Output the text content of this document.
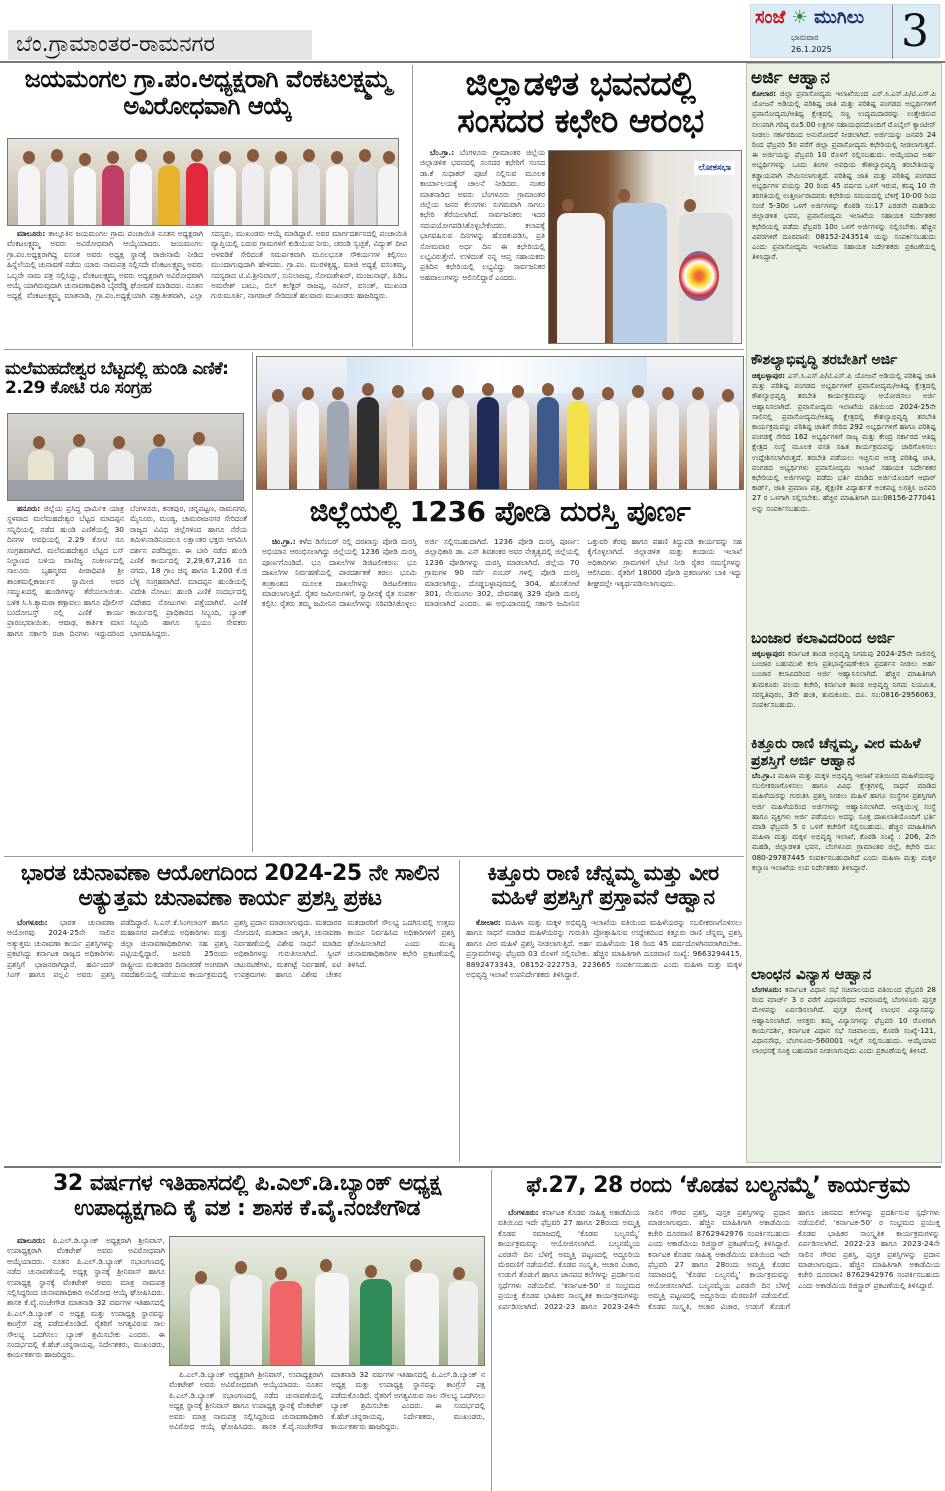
ಬೆಂ.ಗ್ರಾಮಾಂತರ-ರಾಮನಗರ
ಸಂಜೆ ☀ ಮುಗಿಲು
ಭಾನುವಾರ
26.1.2025 3
ಜಯಮಂಗಲ ಗ್ರಾ.ಪಂ.ಅಧ್ಯಕ್ಷರಾಗಿ ವೆಂಕಟಲಕ್ಷ್ಮಮ್ಮ ಅವಿರೋಧವಾಗಿ ಆಯ್ಕೆ

ಮಾಲೂರು: ತಾಲ್ಲೂಕಿನ ಜಯಮಂಗಲ ಗ್ರಾಮ ಪಂಚಾಯಿತಿ ನೂತನ ಅಧ್ಯಕ್ಷರಾಗಿ ವೆಂಕಟಲಕ್ಷ್ಮಮ್ಮ ಅವರು ಅವಿರೋಧವಾಗಿ ಆಯ್ಕೆಯಾದರು. ಜಯಮಂಗಲ ಗ್ರಾ.ಪಂ.ಅಧ್ಯಕ್ಷರಾಗಿದ್ದ ವಸಂತ ಅವರು ಅಧ್ಯಕ್ಷ ಸ್ಥಾನಕ್ಕೆ ರಾಜೀನಾಮೆ ನೀಡಿದ ಹಿನ್ನೆಲೆಯಲ್ಲಿ ಚುನಾವಣೆ ನಡೆದು ಯಾರು ನಾಮಪತ್ರ ಸಲ್ಲಿಸದೇ ವೆಂಕಟಲಕ್ಷ್ಮಮ್ಮ ಅವರು ಒಬ್ಬರೇ ನಾಮ ಪತ್ರ ಸಲ್ಲಿಸಿದ್ದು, ವೆಂಕಟಲಕ್ಷ್ಮಮ್ಮ ಅವರು ಅಧ್ಯಕ್ಷರಾಗಿ ಅವಿರೋಧವಾಗಿ ಆಯ್ಕೆ ಯಾಗಿರುವುದಾಗಿ ಚುನಾವಣಾಧಿಕಾರಿ ಬೈರರೆಡ್ಡಿ ಘೋಷಣೆ ಮಾಡಿದರು. ನೂತನ ಅಧ್ಯಕ್ಷೆ ವೆಂಕಟಲಕ್ಷ್ಮಮ್ಮ ಮಾತನಾಡಿ, ಗ್ರಾ.ಪಂ.ಅಧ್ಯಕ್ಷೆಯಾಗಿ ಪಕ್ಷಾತೀತವಾಗಿ, ಎಲ್ಲಾ ಸದಸ್ಯರು, ಮುಖಂಡರು ಆಯ್ಕೆ ಮಾಡಿದ್ದಾರೆ. ಅವರ ಮಾರ್ಗದರ್ಶನದಲ್ಲಿ ಪಂಚಾಯಿತಿ ವ್ಯಾಪ್ತಿಯಲ್ಲಿ ಬರುವ ಗ್ರಾಮಗಳಿಗೆ ಕುಡಿಯುವ ನೀರು, ಚರಂಡಿ ಸ್ವಚ್ಛತೆ, ವಿದ್ಯುತ್ ದೀಪ ಅಳವಡಿಕೆ ಸೇರಿದಂತೆ ಸಮರ್ಪಕವಾಗಿ ಮೂಲಭೂತ ಸೌಕರ್ಯಗಳ ಕಲ್ಪಿಸಲು ಮುಂದಾಗುವುದಾಗಿ ಹೇಳಿದರು. ಗ್ರಾ.ಪಂ. ಮುರಳಿಕೃಷ್ಣ, ಮಾಜಿ ಅಧ್ಯಕ್ಷೆ ವಸಂತಮ್ಮ, ಸದಸ್ಯರಾದ ಟಿ.ವಿ.ಶ್ರೀನಿವಾಸ್, ಸುನಿಲಾಜಪ್ಪ, ಸೋಮಶೇಖರ್, ಮಂಜುನಾಥ್, ಪಿಡಿಒ ಅಮರೇಶ್ ಬಾಬು, ಬಿಲ್ ಕಲೆಕ್ಟರ್ ರಾಜಪ್ಪ, ನವೀನ್, ವಸಂತ್, ಮುಖಂಡ ಗುರುಮೂರ್ತಿ, ನಾಗರಾಜ್ ಸೇರಿದಂತೆ ಹಲವಾರು ಮುಖಂಡರು ಹಾಜರಿದ್ದರು.

ಜಿಲ್ಲಾಡಳಿತ ಭವನದಲ್ಲಿ ಸಂಸದರ ಕಛೇರಿ ಆರಂಭ

ಬೆಂ.ಗ್ರಾ.: ಬೆಂಗಳೂರು ಗ್ರಾಮಾಂತರ ಜಿಲ್ಲೆಯ ಜಿಲ್ಲಾಡಳಿತ ಭವನದಲ್ಲಿ ಸಂಸದರ ಕಛೇರಿಗೆ ಸಂಸದ ಡಾ.ಕೆ ಸುಧಾಕರ್ ಪೂಜೆ ಸಲ್ಲಿಸುವ ಮೂಲಕ ಕಾರ್ಯಾಲಯಕ್ಕೆ ಚಾಲನೆ ನೀಡಿದರು. ನಂತರ ಮಾತನಾಡಿದ ಅವರು ಬೆಂಗಳೂರು ಗ್ರಾಮಾಂತರ ಜಿಲ್ಲೆಯ ಜನರ ಕೆಲಸಗಳು ಸುಗಮವಾಗಿ ಸಾಗಲು ಕಛೇರಿ ತೆರೆಯಲಾಗಿದೆ. ಸಾರ್ವಜನಿಕರು ಇದರ ಸದುಪಯೋಗಪಡಿಸಿಕೊಳ್ಳಬೇಕೆಂದರು. ಕಲಾಪಕ್ಕೆ ಭಾಗವಹಿಸುವ ದಿನಗಳನ್ನು ಹೊರತುಪಡಿಸಿ, ಪ್ರತಿ ಸೋಮವಾರ ಅರ್ಧ ದಿನ ಈ ಕಛೇರಿಯಲ್ಲಿ ಲಭ್ಯವಿರುತ್ತೇನೆ. ಉಳಿದಂತೆ ನನ್ನ ಆಪ್ತ ಸಹಾಯಕರು ಪ್ರತಿದಿನ ಕಛೇರಿಯಲ್ಲಿ ಲಭ್ಯವಿದ್ದು ಸಾರ್ವಜನಿಕರ ಅಹವಾಲುಗಳನ್ನು ಆಲಿಸಲಿದ್ದಾರೆ ಎಂದರು.

ಲೋಕಸಭಾ
ಅರ್ಜಿ ಆಹ್ವಾನ
ಕೋಲಾರ: ಜಿಲ್ಲಾ ಪ್ರವಾಸೋದ್ಯಮ ಇಲಾಖೆಯಿಂದ ಎಸ್.ಸಿ.ಎಸ್.ಪಿ/ಟಿ.ಎಸ್.ಪಿ ಯೋಜನೆ ಅಡಿಯಲ್ಲಿ ಪರಿಶಿಷ್ಟ ಜಾತಿ ಮತ್ತು ಪರಿಶಿಷ್ಟ ಪಂಗಡದ ಅಭ್ಯರ್ಥಿಗಳಿಗೆ ಪ್ರವಾಸೋದ್ಯಮ/ಆತಿಥ್ಯ ಕ್ಷೇತ್ರದಲ್ಲಿ ಸಣ್ಣ ಉದ್ಯಮದಾರರನ್ನು ಉತ್ತೇಜಿಸುವ ಸಲುವಾಗಿ ಗರಿಷ್ಠ ರೂ5.00 ಲಕ್ಷಗಳ ಸಹಾಯಧನದೊಂದಿಗೆ ಮೊಬೈಲ್ ಕ್ಯಾಂಟೀನ್ ನೀಡಲು ಸರ್ಕಾರದಿಂದ ಅನುಮೋದನೆ ನೀಡಲಾಗಿದೆ. ಅರ್ಜಿಯನ್ನು ಜನವರಿ 24 ರಿಂದ ಫೆಬ್ರವರಿ 5ರ ವರೆಗೆ ಜಿಲ್ಲಾ ಪ್ರವಾಸೋದ್ಯಮ ಕಛೇರಿಯಲ್ಲಿ ನೀಡಲಾಗುತ್ತದೆ. ಈ ಅರ್ಜಿಯನ್ನು ಫೆಬ್ರವರಿ 10 ರೊಳಗೆ ಸಲ್ಲಿಸಬಹುದು. ಆಯ್ಕೆಯಾದ ಅರ್ಹ ಅಭ್ಯರ್ಥಿಗಳನ್ನು ಒಂದು ತಿಂಗಳ ಅವಧಿಯ ಕೌಶಲ್ಯಾಭಿವೃದ್ಧಿ ತರಬೇತಿಯನ್ನು ಕಡ್ಡಾಯವಾಗಿ ನೇಮಿಸಲಾಗುತ್ತದೆ. ಪರಿಶಿಷ್ಟ ಜಾತಿ ಮತ್ತು ಪರಿಶಿಷ್ಟ ಪಂಗಡದ ಅಭ್ಯರ್ಥಿಗಳ ವಯಸ್ಸು 20 ರಿಂದ 45 ವರ್ಷದ ಒಳಗೆ ಇರುವ, ಕನಿಷ್ಠ 10 ನೇ ತರಗತಿಯಲ್ಲಿ ಉತ್ತೀರ್ಣರಾದವರು ಕಛೇರಿಯ ಸಮಯದಲ್ಲಿ ಬೆಳಿಗ್ಗೆ 10-00 ರಿಂದ ಸಂಜೆ 5-30ರ ಒಳಗೆ ಅರ್ಜಿಗಳನ್ನು ಕೊಠಡಿ ಸಂ:17 ಎರಡನೇ ಮಹಡಿಯ ಜಿಲ್ಲಾಡಳಿತ ಭವನ, ಪ್ರವಾಸೋದ್ಯಮ ಇಲಾಖೆಯ ಸಹಾಯಕ ನಿರ್ದೇಶಕರ ಕಛೇರಿಯಲ್ಲಿ ಪಡೆದು ಫೆಬ್ರವರಿ 10ರ ಒಳಗೆ ಅರ್ಜಿಗಳನ್ನು ಸಲ್ಲಿಸಬೇಕು. ಹೆಚ್ಚಿನ ವಿವರಗಳಿಗೆ ದೂರವಾಣಿ: 08152-243514 ಯನ್ನು ಸಂಪರ್ಕಿಸಬಹುದು ಎಂದು ಪ್ರವಾಸೋದ್ಯಮ ಇಲಾಖೆಯ ಸಹಾಯಕ ನಿರ್ದೇಶಕರು ಪ್ರಕಟಣೆಯಲ್ಲಿ ತಿಳಿಸಿದ್ದಾರೆ.
ಕೌಶಲ್ಯಾಭಿವೃದ್ಧಿ ತರಬೇತಿಗೆ ಅರ್ಜಿ
ಚಿಕ್ಕಬಳ್ಳಾಪುರ: ಎಸ್.ಸಿ.ಎಸ್.ಪಿ/ಟಿ.ಎಸ್.ಪಿ ಯೋಜನೆ ಅಡಿಯಲ್ಲಿ ಪರಿಶಿಷ್ಟ ಜಾತಿ ಮತ್ತು ಪರಿಶಿಷ್ಟ ಪಂಗಡದ ಅಭ್ಯರ್ಥಿಗಳಿಗೆ ಪ್ರವಾಸೋದ್ಯಮ/ಆತಿಥ್ಯ ಕ್ಷೇತ್ರದಲ್ಲಿ ಕೌಶಲ್ಯಾಭಿವೃದ್ಧಿ ತರಬೇತಿ ಕಾರ್ಯಕ್ರಮವನ್ನು ಆಯೋಜಿಸಲು ಅರ್ಜಿ ಆಹ್ವಾನಿಸಲಾಗಿದೆ. ಪ್ರವಾಸೋದ್ಯಮ ಇಲಾಖೆಯ ವತಿಯಿಂದ 2024-25ನೇ ಸಾಲಿನಲ್ಲಿ ಪ್ರವಾಸೋದ್ಯಮ/ಆತಿಥ್ಯ ಕ್ಷೇತ್ರದಲ್ಲಿ ಕೌಶಲ್ಯಾಭಿವೃದ್ಧಿ ತರಬೇತಿ ಕಾರ್ಯಕ್ರಮವನ್ನು ಪರಿಶಿಷ್ಟ ಜಾತಿಗೆ ಸೇರಿದ 292 ಅಭ್ಯರ್ಥಿಗಳಿಗೆ ಹಾಗೂ ಪರಿಶಿಷ್ಟ ಪಂಗಡಕ್ಕೆ ಸೇರಿದ 162 ಅಭ್ಯರ್ಥಿಗಳಿಗೆ ರಾಜ್ಯ ಮತ್ತು ಕೇಂದ್ರ ಸರ್ಕಾರದ ಆತಿಥ್ಯ ಕ್ಷೇತ್ರದ ಸಂಸ್ಥೆ ಮೂಲಕ ವಸತಿ ಸಹಿತ ಕಾರ್ಯಕ್ರಮವನ್ನು ಜಾರಿಗೊಳಿಸಲು ಉದ್ದೇಶಿಸಲಾಗಿರುತ್ತದೆ. ತರಬೇತಿ ಪಡೆಯಲು ಇಚ್ಛಿಸುವ ಆಸಕ್ತ ಪರಿಶಿಷ್ಟ ಜಾತಿ, ಪಂಗಡದ ಅಭ್ಯರ್ಥಿಗಳು ಪ್ರವಾಸೋದ್ಯಮ ಇಲಾಖೆ ಸಹಾಯಕ ನಿರ್ದೇಶಕರ ಕಛೇರಿಯಲ್ಲಿ ಅರ್ಜಿಗಳನ್ನು ಪಡೆದು ಭರ್ತಿ ಮಾಡಿದ ಅರ್ಜಿಯೊಂದಿಗೆ ಆಧಾರ್ ಕಾರ್ಡ್, ಜಾತಿ ಪ್ರಮಾಣ ಪತ್ರ, ಶೈಕ್ಷಣಿಕ ವಿದ್ಯಾರ್ಹತೆ ಅಂಕಪಟ್ಟಿ ಲಗತ್ತಿಸಿ ಜನವರಿ 27 ರ ಒಳಗಾಗಿ ಸಲ್ಲಿಸಬೇಕು. ಹೆಚ್ಚಿನ ಮಾಹಿತಿಗಾಗಿ ದೂ:08156-277041 ಅನ್ನು ಸಂಪರ್ಕಿಸಬಹುದು.
ಬಂಜಾರ ಕಲಾವಿದರಿಂದ ಅರ್ಜಿ
ಚಿಕ್ಕಬಳ್ಳಾಪುರ: ಕರ್ನಾಟಕ ತಾಂಡ ಅಭಿವೃದ್ಧಿ ನಿಗಮವು 2024-25ನೇ ಸಾಲಿನಲ್ಲಿ ಬಂಜಾರ ಬಹುಮುಖಿ ಕಲಾ ಪ್ರತಿಭಾನ್ವೇಷಣೆ-ಕಲಾ ಪ್ರದರ್ಶನ ನೀಡಲು ಅರ್ಹ ಬಂಜಾರ ಕಲಾವಿದರಿಂದ ಅರ್ಜಿ ಆಹ್ವಾನಿಸಲಾಗಿದೆ. ಹೆಚ್ಚಿನ ಮಾಹಿತಿಗಾಗಿ ತುಮಕೂರು ವಲಯ ಕಚೇರಿ, ಕರ್ನಾಟಕ ತಾಂಡ ಅಭಿವೃದ್ಧಿ ನಿಗಮ ನಿಯಮಿತ, ಸರಸ್ವತಿಪುರಂ, 3ನೇ ಹಂತ, ತುಮಕೂರು. ದೂ. ಸಂ:0816-2956063, ಸಂಪರ್ಕಿಸಬಹುದು.
ಕಿತ್ತೂರು ರಾಣಿ ಚೆನ್ನಮ್ಮ, ವೀರ ಮಹಿಳೆ ಪ್ರಶಸ್ತಿಗೆ ಅರ್ಜಿ ಆಹ್ವಾನ
ಬೆಂ.ಗ್ರಾ.: ಮಹಿಳಾ ಮತ್ತು ಮಕ್ಕಳ ಅಭಿವೃದ್ಧಿ ಇಲಾಖೆ ವತಿಯಿಂದ ಮಹಿಳೆಯರನ್ನು ಸಬಲೀಕರಣಗೊಳಿಸಲು ಹಾಗೂ ವಿವಿಧ ಕ್ಷೇತ್ರಗಳಲ್ಲಿ ಸಾಧನೆ ಮಾಡಿದ ಮಹಿಳೆಯರನ್ನು ಗುರುತಿಸಿ ಪ್ರಶಸ್ತಿ ನೀಡಲು ಮಹಿಳೆ ಹಾಗೂ ಸಂಸ್ಥೆಗಳ ಪ್ರಶಸ್ತಿಗಾಗಿ ಅರ್ಜಿ ಮಹಿಳೆಯರಿಂದ ಅರ್ಜಿಗಳನ್ನು ಆಹ್ವಾನಿಸಲಾಗಿದೆ. ಆಸಕ್ತಿಯುಳ್ಳ ಸಂಸ್ಥೆ ಹಾಗೂ ವ್ಯಕ್ತಿಗಳು ಅರ್ಜಿ ಪಡೆಯಲು ಅದನ್ನು ಸೂಕ್ತ ದಾಖಲಾತಿಯೊಂದಿಗೆ ಭರ್ತಿ ಮಾಡಿ ಫೆಬ್ರವರಿ 5 ರ ಒಳಗೆ ಕಚೇರಿಗೆ ಸಲ್ಲಿಸಬಹುದು. ಹೆಚ್ಚಿನ ಮಾಹಿತಿಗಾಗಿ ಮಹಿಳಾ ಮತ್ತು ಮಕ್ಕಳ ಅಭಿವೃದ್ಧಿ ಇಲಾಖೆ, ಕೊಠಡಿ ಸಂಖ್ಯೆ : 206, 2ನೇ ಮಹಡಿ, ಜಿಲ್ಲಾಡಳಿತ ಭವನ, ಬೆಂಗಳೂರು ಗ್ರಾಮಾಂತರ ಜಿಲ್ಲೆ, ಕಛೇರಿ ದೂ: 080-29787445 ಸಂಪರ್ಕಿಸಬಹುದಾಗಿದೆ ಎಂದು ಮಹಿಳಾ ಮತ್ತು ಮಕ್ಕಳ ಕಲ್ಯಾಣ ಇಲಾಖೆಯ ಉಪ ನಿರ್ದೇಶಕರು ತಿಳಿಸಿದ್ದಾರೆ.
ಲಾಂಛನ ವಿನ್ಯಾಸ ಆಹ್ವಾನ
ಬೆಂಗಳೂರು: ಕರ್ನಾಟಕ ವಿಧಾನ ಸಭೆ ಸಚಿವಾಲಯದ ವತಿಯಿಂದ ಫೆಬ್ರವರಿ 28 ರಿಂದ ಮಾರ್ಚ್ 3 ರ ವರೆಗೆ ವಿಧಾನಸೌಧದ ಆವರಣದಲ್ಲಿ ಬೆಂಗಳೂರು ಪುಸ್ತಕ ಮೇಳವನ್ನು ಏರ್ಪಡಿಸಲಾಗಿದೆ. ಪುಸ್ತಕ ಮೇಳಕ್ಕೆ ಲಾಂಛನ ವಿನ್ಯಾಸವನ್ನು ಆಹ್ವಾನಿಸಲಾಗಿದೆ. ಆಸಕ್ತರು ತಮ್ಮ ವಿನ್ಯಾಸಗಳನ್ನು ಫೆಬ್ರವರಿ 10 ರೊಳಗಾಗಿ ಕಾರ್ಯದರ್ಶಿ, ಕರ್ನಾಟಕ ವಿಧಾನ ಸಭೆ ಸಚಿವಾಲಯ, ಕೊಠಡಿ ಸಂಖ್ಯೆ-121, ವಿಧಾನಸೌಧ, ಬೆಂಗಳೂರು-560001 ಇಲ್ಲಿಗೆ ಸಲ್ಲಿಸಬಹುದು. ಆಯ್ಕೆಯಾದ ಲಾಂಛನಕ್ಕೆ ಸೂಕ್ತ ಬಹುಮಾನ ನೀಡಲಾಗುವುದು ಎಂದು ಪ್ರಕಟಣೆಯಲ್ಲಿ ತಿಳಿಸಿದೆ.
ಮಲೆಮಹದೇಶ್ವರ ಬೆಟ್ಟದಲ್ಲಿ ಹುಂಡಿ ಎಣಿಕೆ: 2.29 ಕೋಟಿ ರೂ ಸಂಗ್ರಹ

ಹನೂರು: ಜಿಲ್ಲೆಯ ಪ್ರಸಿದ್ಧ ಧಾರ್ಮಿಕ ಯಾತ್ರ ಸ್ಥಳವಾದ ಮಲೆಮಹದೇಶ್ವರ ಬೆಟ್ಟದ ಮಾದಪ್ಪನ ಸನ್ನಿಧಿಯಲ್ಲಿ ನಡೆದ ಹುಂಡಿ ಎಣಿಕೆಯಲ್ಲಿ 30 ದಿನಗಳ ಅವಧಿಯಲ್ಲಿ 2.29 ಕೋಟಿ ರೂ ಸಂಗ್ರಹವಾಗಿದೆ. ಮಲೆಮಹದೇಶ್ವರ ಬೆಟ್ಟದ ಬಸ್ ನಿಲ್ದಾಣದ ಬಳಿಯ ವಾಣಿಜ್ಯ ಸಂಕೀರ್ಣದಲ್ಲಿ ಸಾಲೂರು ಬೃಹನ್ಮಠದ ಪೀಠಾಧಿಪತಿ ಶ್ರೀ ಶಾಂತಮಲ್ಲಿಕಾರ್ಜುನ ಸ್ವಾಮೀಜಿ ಅವರ ಸಮ್ಮುಖದಲ್ಲಿ ಹುಂಡಿಗಳನ್ನು ತೆರೆಯಲಾಯಿತು. ಬಳಿಕ ಸಿ.ಸಿ.ಕ್ಯಾಮರಾ ಕಣ್ಗಾವಲು ಹಾಗೂ ಪೊಲೀಸ್ ಬಂದೋಬಸ್ತ್ ನಲ್ಲಿ ಎಣಿಕೆ ಕಾರ್ಯ ಪ್ರಾರಂಭವಾಯಿತು. ಆಷಾಢ, ಕಾರ್ತಿಕ ಮಾಸ ಹಾಗೂ ಸರ್ಕಾರಿ ರಜಾ ದಿನಗಳು ಇದ್ದುದರಿಂದ ಬೆಂಗಳೂರು, ಕನಕಪುರ, ಚನ್ನಪಟ್ಟಣ, ರಾಮನಗರ, ಮೈಸೂರು, ಮಂಡ್ಯ, ಚಾಮರಾಜನಗರ ಸೇರಿದಂತೆ ರಾಜ್ಯದ ವಿವಿಧ ಜಿಲ್ಲೆಗಳಿಂದ ಹಾಗೂ ನೆರೆಯ ತಮಿಳುನಾಡಿನಿಂದಲೂ ಲಕ್ಷಾಂತರ ಭಕ್ತರು ಆಗಮಿಸಿ ದರ್ಶನ ಪಡೆದಿದ್ದರು. ಈ ಬಾರಿ ನಡೆದ ಹುಂಡಿ ಎಣಿಕೆ ಕಾರ್ಯದಲ್ಲಿ 2,29,67,216 ರೂ ನಗದು, 18 ಗ್ರಾಂ ಚಿನ್ನ ಹಾಗೂ 1.200 ಕೆ.ಜಿ ಬೆಳ್ಳಿ ಸಂಗ್ರಹವಾಗಿದೆ. ಮಾದಪ್ಪನ ಹುಂಡಿಯಲ್ಲಿ ವಿದೇಶಿ ನೋಟು: ಹುಂಡಿ ಎಣಿಕೆ ಸಂದರ್ಭದಲ್ಲಿ ವಿದೇಶದ ನೋಟುಗಳು ಪತ್ತೆಯಾಗಿವೆ. ಎಣಿಕೆ ಕಾರ್ಯದಲ್ಲಿ ಪ್ರಾಧಿಕಾರದ ಸಿಬ್ಬಂದಿ, ಬ್ಯಾಂಕ್ ಸಿಬ್ಬಂದಿ ಹಾಗೂ ಸ್ವಯಂ ಸೇವಕರು ಭಾಗವಹಿಸಿದ್ದರು.

ಜಿಲ್ಲೆಯಲ್ಲಿ 1236 ಪೋಡಿ ದುರಸ್ತಿ ಪೂರ್ಣ

ಚಿಂ.ಗ್ರಾ.: ಕಳೆದ ಡಿಸೆಂಬರ್ ನಲ್ಲಿ ದರಖಾಸ್ತು ಪೋಡಿ ದುರಸ್ತಿ ಅಭಿಯಾನ ಆರಂಭಿಸಲಾಗಿದ್ದು ಜಿಲ್ಲೆಯಲ್ಲಿ 1236 ಪೋಡಿ ದುರಸ್ತಿ ಪೂರ್ಣಗೊಂಡಿದೆ. ಭೂ ದಾಖಲೆಗಳ ಡಿಜಿಟಲೀಕರಣ: ಭೂ ದಾಖಲೆಗಳ ನಿರ್ವಹಣೆಯಲ್ಲಿ ಪಾರದರ್ಶಕತೆ ತರಲು ಭೂಮಿ ತಂತ್ರಾಂಶದ ಮೂಲಕ ದಾಖಲೆಗಳನ್ನು ಡಿಜಿಟಲೀಕರಣ ಮಾಡಲಾಗುತ್ತಿದೆ. ರೈತರ ಜಮೀನುಗಳಿಗೆ, ಸ್ವಾಧೀನಕ್ಕೆ ರೈತ ಸಂಪರ್ಕ ಕಲ್ಪಿಸಿ: ರೈತರು ತಮ್ಮ ಜಮೀನಿನ ದಾಖಲೆಗಳನ್ನು ಸರಿಪಡಿಸಿಕೊಳ್ಳಲು ಅರ್ಜಿ ಸಲ್ಲಿಸಬಹುದಾಗಿದೆ. 1236 ಪೋಡಿ ದುರಸ್ತಿ ಪೂರ್ಣ: ಜಿಲ್ಲಾಧಿಕಾರಿ ಡಾ. ಎನ್ ಶಿವಶಂಕರ ಅವರ ನೇತೃತ್ವದಲ್ಲಿ ಜಿಲ್ಲೆಯಲ್ಲಿ 1236 ಪೋಡಿಗಳನ್ನು ದುರಸ್ತಿ ಮಾಡಲಾಗಿದೆ. ಜಿಲ್ಲೆಯ 70 ಗ್ರಾಮಗಳ 90 ಸರ್ವೆ ನಂಬರ್ ಗಳಲ್ಲಿ ಪೋಡಿ ದುರಸ್ತಿ ಮಾಡಲಾಗಿದ್ದು, ದೊಡ್ಡಬಳ್ಳಾಪುರದಲ್ಲಿ 304, ಹೊಸಕೋಟೆ 301, ನೆಲಮಂಗಲ 302, ದೇವನಹಳ್ಳಿ 329 ಪೋಡಿ ದುರಸ್ತಿ ಮಾಡಲಾಗಿದೆ ಎಂದರು. ಈ ಅಭಿಯಾನದಲ್ಲಿ ಸರ್ಕಾರಿ ಜಮೀನಿನ ಒತ್ತುವರಿ ತೆರವು ಹಾಗೂ ಪಹಣಿ ತಿದ್ದುಪಡಿ ಕಾರ್ಯವನ್ನು ಸಹ ಕೈಗೊಳ್ಳಲಾಗಿದೆ. ಜಿಲ್ಲಾಡಳಿತ ಮತ್ತು ಕಂದಾಯ ಇಲಾಖೆ ಅಧಿಕಾರಿಗಳು ಗ್ರಾಮಗಳಿಗೆ ಭೇಟಿ ನೀಡಿ ರೈತರ ಸಮಸ್ಯೆಗಳನ್ನು ಆಲಿಸಿದರು. ರೈತರಿಗೆ 18000 ಪೋಡಿ ಪ್ರಕರಣಗಳು ಬಾಕಿ ಇದ್ದು ಶೀಘ್ರದಲ್ಲೇ ಇತ್ಯರ್ಥಪಡಿಸಲಾಗುವುದು.

ಭಾರತ ಚುನಾವಣಾ ಆಯೋಗದಿಂದ 2024-25 ನೇ ಸಾಲಿನ ಅತ್ಯುತ್ತಮ ಚುನಾವಣಾ ಕಾರ್ಯ ಪ್ರಶಸ್ತಿ ಪ್ರಕಟ

ಬೆಂಗಳೂರು: ಭಾರತ ಚುನಾವಣಾ ಆಯೋಗವು 2024-25ನೇ ಸಾಲಿನ ಅತ್ಯುತ್ತಮ ಚುನಾವಣಾ ಕಾರ್ಯ ಪ್ರಶಸ್ತಿಗಳನ್ನು ಪ್ರಕಟಿಸಿದ್ದು ಕರ್ನಾಟಕ ರಾಜ್ಯದ ಅಧಿಕಾರಿಗಳು ಪ್ರಶಸ್ತಿಗೆ ಭಾಜನರಾಗಿದ್ದಾರೆ. ಹರ್ವಿಂದರ್ ಸಿಂಗ್ ಹಾಗೂ ಪಲ್ಲವಿ ಅವರು ಪ್ರಶಸ್ತಿ ಪಡೆದಿದ್ದಾರೆ. ಸಿ.ಎಸ್.ಕೆ.ಸಿಂಗಲಾಂಗ್ ಹಾಗೂ ಮಹಾನಗರ ಪಾಲಿಕೆಯ ಅಧಿಕಾರಿಗಳು ಮತ್ತು ಜಿಲ್ಲಾ ಚುನಾವಣಾಧಿಕಾರಿಗಳು ಸಹ ಪ್ರಶಸ್ತಿ ಪಟ್ಟಿಯಲ್ಲಿದ್ದಾರೆ. ಜನವರಿ 25ರಂದು ರಾಷ್ಟ್ರೀಯ ಮತದಾರರ ದಿನಾಚರಣೆ ಅಂಗವಾಗಿ ನವದೆಹಲಿಯಲ್ಲಿ ನಡೆಯುವ ಕಾರ್ಯಕ್ರಮದಲ್ಲಿ ಪ್ರಶಸ್ತಿ ಪ್ರದಾನ ಮಾಡಲಾಗುವುದು. ಮತದಾರರ ನೋಂದಣಿ, ಮತದಾನ ಜಾಗೃತಿ, ಚುನಾವಣಾ ನಿರ್ವಹಣೆಯಲ್ಲಿ ವಿಶೇಷ ಸಾಧನೆ ಮಾಡಿದ ಅಧಿಕಾರಿಗಳನ್ನು ಗುರುತಿಸಲಾಗಿದೆ. ಸ್ವೀಪ್ ಚಟುವಟಿಕೆಗಳು, ಮತಗಟ್ಟೆ ನಿರ್ವಹಣೆ, ಐಟಿ ಉಪಕ್ರಮಗಳು ಹಾಗೂ ವಿಶೇಷ ಚೇತನ ಮತದಾರರಿಗೆ ಸೌಲಭ್ಯ ಒದಗಿಸುವಲ್ಲಿ ಉತ್ತಮ ಕಾರ್ಯ ನಿರ್ವಹಿಸಿದ ಅಧಿಕಾರಿಗಳಿಗೆ ಪ್ರಶಸ್ತಿ ಘೋಷಿಸಲಾಗಿದೆ ಎಂದು ಮುಖ್ಯ ಚುನಾವಣಾಧಿಕಾರಿಗಳ ಕಛೇರಿ ಪ್ರಕಟಣೆಯಲ್ಲಿ ತಿಳಿಸಿದೆ.

ಕಿತ್ತೂರು ರಾಣಿ ಚೆನ್ನಮ್ಮ ಮತ್ತು ವೀರ ಮಹಿಳೆ ಪ್ರಶಸ್ತಿಗೆ ಪ್ರಸ್ತಾವನೆ ಆಹ್ವಾನ

ಕೋಲಾರ: ಮಹಿಳಾ ಮತ್ತು ಮಕ್ಕಳ ಅಭಿವೃದ್ಧಿ ಇಲಾಖೆಯ ವತಿಯಿಂದ ಮಹಿಳೆಯರನ್ನು ಸಬಲೀಕರಣಗೊಳಿಸಲು ಹಾಗೂ ಸಾಧನೆ ಮಾಡಿದ ಮಹಿಳೆಯರನ್ನು ಗುರುತಿಸಿ ಪ್ರೋತ್ಸಾಹಿಸುವ ಉದ್ದೇಶದಿಂದ ಕಿತ್ತೂರು ರಾಣಿ ಚೆನ್ನಮ್ಮ ಪ್ರಶಸ್ತಿ ಹಾಗೂ ವೀರ ಮಹಿಳೆ ಪ್ರಶಸ್ತಿ ನೀಡಲಾಗುತ್ತಿದೆ. ಅರ್ಹ ಮಹಿಳೆಯರು 18 ರಿಂದ 45 ವರ್ಷದೊಳಗಿನವರಾಗಿರಬೇಕು. ಪ್ರಸ್ತಾವನೆಗಳನ್ನು ಫೆಬ್ರವರಿ 03 ರೊಳಗೆ ಸಲ್ಲಿಸಬೇಕು. ಹೆಚ್ಚಿನ ಮಾಹಿತಿಗಾಗಿ ದೂರವಾಣಿ ಸಂಖ್ಯೆ: 9663294415, 8892473343, 08152-222753, 223665 ಸಂಪರ್ಕಿಸಬಹುದು ಎಂದು ಮಹಿಳಾ ಮತ್ತು ಮಕ್ಕಳ ಅಭಿವೃದ್ಧಿ ಇಲಾಖೆ ಉಪನಿರ್ದೇಶಕರು ತಿಳಿಸಿದ್ದಾರೆ.

32 ವರ್ಷಗಳ ಇತಿಹಾಸದಲ್ಲಿ ಪಿ.ಎಲ್.ಡಿ.ಬ್ಯಾಂಕ್ ಅಧ್ಯಕ್ಷ ಉಪಾಧ್ಯಕ್ಷಗಾದಿ ಕೈ ವಶ : ಶಾಸಕ ಕೆ.ವೈ.ನಂಜೇಗೌಡ

ಮಾಲೂರು: ಪಿ.ಎಲ್.ಡಿ.ಬ್ಯಾಂಕ್ ಅಧ್ಯಕ್ಷರಾಗಿ ಶ್ರೀನಿವಾಸ್, ಉಪಾಧ್ಯಕ್ಷರಾಗಿ ವೆಂಕಟೇಶ್ ಅವರು ಅವಿರೋಧವಾಗಿ ಆಯ್ಕೆಯಾದರು. ನೂತನ ಪಿ.ಎಲ್.ಡಿ.ಬ್ಯಾಂಕ್ ಸಭಾಂಗಣದಲ್ಲಿ ನಡೆದ ಚುನಾವಣೆಯಲ್ಲಿ ಅಧ್ಯಕ್ಷ ಸ್ಥಾನಕ್ಕೆ ಶ್ರೀನಿವಾಸ್ ಹಾಗೂ ಉಪಾಧ್ಯಕ್ಷ ಸ್ಥಾನಕ್ಕೆ ವೆಂಕಟೇಶ್ ಅವರು ಮಾತ್ರ ನಾಮಪತ್ರ ಸಲ್ಲಿಸಿದ್ದರಿಂದ ಚುನಾವಣಾಧಿಕಾರಿ ಅವಿರೋಧ ಆಯ್ಕೆ ಘೋಷಿಸಿದರು. ಶಾಸಕ ಕೆ.ವೈ.ನಂಜೇಗೌಡ ಮಾತನಾಡಿ 32 ವರ್ಷಗಳ ಇತಿಹಾಸದಲ್ಲಿ ಪಿ.ಎಲ್.ಡಿ.ಬ್ಯಾಂಕ್ ನ ಅಧ್ಯಕ್ಷ ಮತ್ತು ಉಪಾಧ್ಯಕ್ಷ ಸ್ಥಾನವನ್ನು ಕಾಂಗ್ರೆಸ್ ಪಕ್ಷ ಪಡೆದುಕೊಂಡಿದೆ. ರೈತರಿಗೆ ಅಗತ್ಯವಿರುವ ಸಾಲ ಸೌಲಭ್ಯ ಒದಗಿಸಲು ಬ್ಯಾಂಕ್ ಶ್ರಮಿಸಬೇಕು ಎಂದರು. ಈ ಸಂದರ್ಭದಲ್ಲಿ ಕೆ.ಹೆಚ್.ಚನ್ನರಾಯಪ್ಪ, ನಿರ್ದೇಶಕರು, ಮುಖಂಡರು, ಕಾರ್ಯಕರ್ತರು ಹಾಜರಿದ್ದರು.

ಪಿ.ಎಲ್.ಡಿ.ಬ್ಯಾಂಕ್ ಅಧ್ಯಕ್ಷರಾಗಿ ಶ್ರೀನಿವಾಸ್, ಉಪಾಧ್ಯಕ್ಷರಾಗಿ ವೆಂಕಟೇಶ್ ಅವರು ಅವಿರೋಧವಾಗಿ ಆಯ್ಕೆಯಾದರು. ನೂತನ ಪಿ.ಎಲ್.ಡಿ.ಬ್ಯಾಂಕ್ ಸಭಾಂಗಣದಲ್ಲಿ ನಡೆದ ಚುನಾವಣೆಯಲ್ಲಿ ಅಧ್ಯಕ್ಷ ಸ್ಥಾನಕ್ಕೆ ಶ್ರೀನಿವಾಸ್ ಹಾಗೂ ಉಪಾಧ್ಯಕ್ಷ ಸ್ಥಾನಕ್ಕೆ ವೆಂಕಟೇಶ್ ಅವರು ಮಾತ್ರ ನಾಮಪತ್ರ ಸಲ್ಲಿಸಿದ್ದರಿಂದ ಚುನಾವಣಾಧಿಕಾರಿ ಅವಿರೋಧ ಆಯ್ಕೆ ಘೋಷಿಸಿದರು. ಶಾಸಕ ಕೆ.ವೈ.ನಂಜೇಗೌಡ ಮಾತನಾಡಿ 32 ವರ್ಷಗಳ ಇತಿಹಾಸದಲ್ಲಿ ಪಿ.ಎಲ್.ಡಿ.ಬ್ಯಾಂಕ್ ನ ಅಧ್ಯಕ್ಷ ಮತ್ತು ಉಪಾಧ್ಯಕ್ಷ ಸ್ಥಾನವನ್ನು ಕಾಂಗ್ರೆಸ್ ಪಕ್ಷ ಪಡೆದುಕೊಂಡಿದೆ. ರೈತರಿಗೆ ಅಗತ್ಯವಿರುವ ಸಾಲ ಸೌಲಭ್ಯ ಒದಗಿಸಲು ಬ್ಯಾಂಕ್ ಶ್ರಮಿಸಬೇಕು ಎಂದರು. ಈ ಸಂದರ್ಭದಲ್ಲಿ ಕೆ.ಹೆಚ್.ಚನ್ನರಾಯಪ್ಪ, ನಿರ್ದೇಶಕರು, ಮುಖಂಡರು, ಕಾರ್ಯಕರ್ತರು ಹಾಜರಿದ್ದರು.

ಫೆ.27, 28 ರಂದು ‘ಕೊಡವ ಬಲ್ಯನಮ್ಮೆ’ ಕಾರ್ಯಕ್ರಮ

ಬೆಂಗಳೂರು: ಕರ್ನಾಟಕ ಕೊಡವ ಸಾಹಿತ್ಯ ಅಕಾಡೆಮಿಯ ವತಿಯಿಂದ ಇದೇ ಫೆಬ್ರವರಿ 27 ಹಾಗೂ 28ರಂದು ಅಮ್ಮತ್ತಿ ಕೊಡವ ಸಮಾಜದಲ್ಲಿ ‘ಕೊಡವ ಬಲ್ಯನಮ್ಮೆ’ ಕಾರ್ಯಕ್ರಮವನ್ನು ಆಯೋಜಿಸಲಾಗಿದೆ. ಬಲ್ಯನಮ್ಮೆಯ ಎರಡನೇ ದಿನ ಬೆಳಗ್ಗೆ ಅಮ್ಮತ್ತಿ ಪಟ್ಟಣದಲ್ಲಿ ಅದ್ದೂರಿಯ ಮೆರವಣಿಗೆ ನಡೆಯಲಿದೆ. ಕೊಡವ ಸಂಸ್ಕೃತಿ, ಆಚಾರ ವಿಚಾರ, ಉಡುಗೆ ತೊಡುಗೆ ಹಾಗೂ ಜಾನಪದ ಕಲೆಗಳನ್ನು ಪ್ರದರ್ಶಿಸುವ ಸ್ಪರ್ಧೆಗಳು ನಡೆಯಲಿವೆ. ‘ಕರ್ನಾಟಕ-50’ ರ ಸಂಭ್ರಮದ ಪ್ರಯುಕ್ತ ಕೊಡವ ಭಾಷಿಕರ ಸಾಂಸ್ಕೃತಿಕ ಕಾರ್ಯಕ್ರಮಗಳನ್ನು ಏರ್ಪಡಿಸಲಾಗಿದೆ. 2022-23 ಹಾಗೂ 2023-24ನೇ ಸಾಲಿನ ಗೌರವ ಪ್ರಶಸ್ತಿ, ಪುಸ್ತಕ ಪ್ರಶಸ್ತಿಗಳನ್ನು ಪ್ರದಾನ ಮಾಡಲಾಗುವುದು. ಹೆಚ್ಚಿನ ಮಾಹಿತಿಗಾಗಿ ಅಕಾಡೆಮಿಯ ಕಚೇರಿ ದೂರವಾಣಿ 8762942976 ಸಂಪರ್ಕಿಸಬಹುದು ಎಂದು ಅಕಾಡೆಮಿಯ ರಿಜಿಸ್ಟ್ರಾರ್ ಪ್ರಕಟಣೆಯಲ್ಲಿ ತಿಳಿಸಿದ್ದಾರೆ. ಕರ್ನಾಟಕ ಕೊಡವ ಸಾಹಿತ್ಯ ಅಕಾಡೆಮಿಯ ವತಿಯಿಂದ ಇದೇ ಫೆಬ್ರವರಿ 27 ಹಾಗೂ 28ರಂದು ಅಮ್ಮತ್ತಿ ಕೊಡವ ಸಮಾಜದಲ್ಲಿ ‘ಕೊಡವ ಬಲ್ಯನಮ್ಮೆ’ ಕಾರ್ಯಕ್ರಮವನ್ನು ಆಯೋಜಿಸಲಾಗಿದೆ. ಬಲ್ಯನಮ್ಮೆಯ ಎರಡನೇ ದಿನ ಬೆಳಗ್ಗೆ ಅಮ್ಮತ್ತಿ ಪಟ್ಟಣದಲ್ಲಿ ಅದ್ದೂರಿಯ ಮೆರವಣಿಗೆ ನಡೆಯಲಿದೆ. ಕೊಡವ ಸಂಸ್ಕೃತಿ, ಆಚಾರ ವಿಚಾರ, ಉಡುಗೆ ತೊಡುಗೆ ಹಾಗೂ ಜಾನಪದ ಕಲೆಗಳನ್ನು ಪ್ರದರ್ಶಿಸುವ ಸ್ಪರ್ಧೆಗಳು ನಡೆಯಲಿವೆ. ‘ಕರ್ನಾಟಕ-50’ ರ ಸಂಭ್ರಮದ ಪ್ರಯುಕ್ತ ಕೊಡವ ಭಾಷಿಕರ ಸಾಂಸ್ಕೃತಿಕ ಕಾರ್ಯಕ್ರಮಗಳನ್ನು ಏರ್ಪಡಿಸಲಾಗಿದೆ. 2022-23 ಹಾಗೂ 2023-24ನೇ ಸಾಲಿನ ಗೌರವ ಪ್ರಶಸ್ತಿ, ಪುಸ್ತಕ ಪ್ರಶಸ್ತಿಗಳನ್ನು ಪ್ರದಾನ ಮಾಡಲಾಗುವುದು. ಹೆಚ್ಚಿನ ಮಾಹಿತಿಗಾಗಿ ಅಕಾಡೆಮಿಯ ಕಚೇರಿ ದೂರವಾಣಿ 8762942976 ಸಂಪರ್ಕಿಸಬಹುದು ಎಂದು ಅಕಾಡೆಮಿಯ ರಿಜಿಸ್ಟ್ರಾರ್ ಪ್ರಕಟಣೆಯಲ್ಲಿ ತಿಳಿಸಿದ್ದಾರೆ.
